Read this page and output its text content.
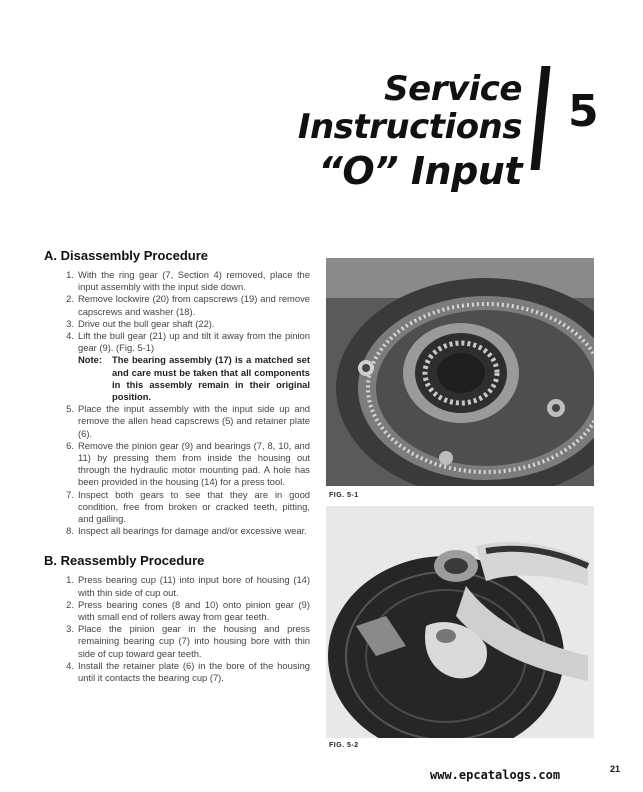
Service Instructions
“O” Input
5
A. Disassembly Procedure
1. With the ring gear (7, Section 4) removed, place the input assembly with the input side down.
2. Remove lockwire (20) from capscrews (19) and remove capscrews and washer (18).
3. Drive out the bull gear shaft (22).
4. Lift the bull gear (21) up and tilt it away from the pinion gear (9). (Fig. 5-1)
Note:	The bearing assembly (17) is a matched set and care must be taken that all components in this assembly remain in their original position.
5. Place the input assembly with the input side up and remove the allen head capscrews (5) and retainer plate (6).
6. Remove the pinion gear (9) and bearings (7, 8, 10, and 11) by pressing them from inside the housing out through the hydraulic motor mounting pad. A hole has been provided in the housing (14) for a press tool.
7. Inspect both gears to see that they are in good condition, free from broken or cracked teeth, pitting, and galling.
8. Inspect all bearings for damage and/or excessive wear.
B. Reassembly Procedure
1. Press bearing cup (11) into input bore of housing (14) with thin side of cup out.
2. Press bearing cones (8 and 10) onto pinion gear (9) with small end of rollers away from gear teeth.
3. Place the pinion gear in the housing and press remaining bearing cup (7) into housing bore with thin side of cup toward gear teeth.
4. Install the retainer plate (6) in the bore of the housing until it contacts the bearing cup (7).
FIG. 5-1
FIG. 5-2
www.epcatalogs.com	21
